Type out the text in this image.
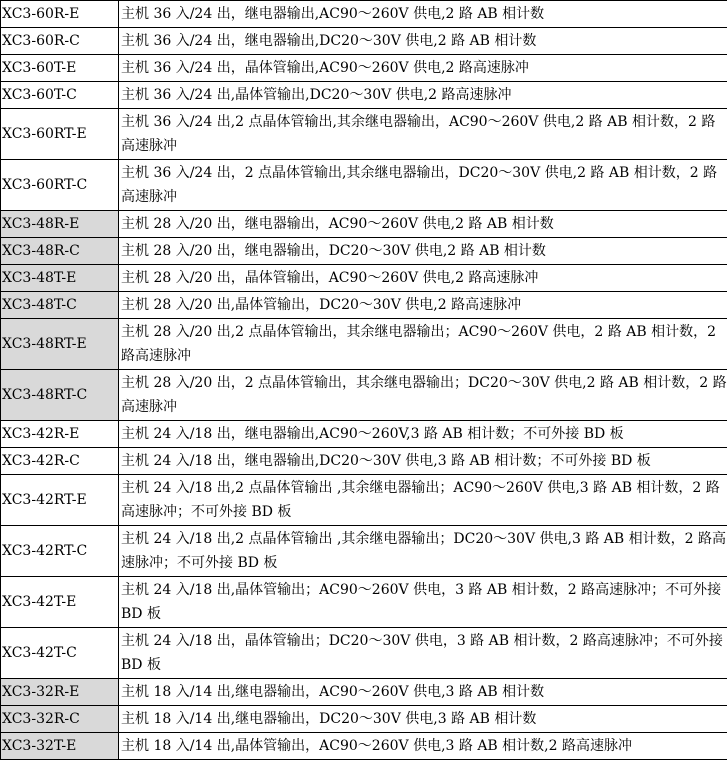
XC3-60R-E	主机 36 入/24 出，继电器输出,AC90～260V 供电,2 路 AB 相计数
XC3-60R-C	主机 36 入/24 出，继电器输出,DC20～30V 供电,2 路 AB 相计数
XC3-60T-E	主机 36 入/24 出，晶体管输出,AC90～260V 供电,2 路高速脉冲
XC3-60T-C	主机 36 入/24 出,晶体管输出,DC20～30V 供电,2 路高速脉冲
XC3-60RT-E	主机 36 入/24 出,2 点晶体管输出,其余继电器输出，AC90～260V 供电,2 路 AB 相计数，2 路高速脉冲
XC3-60RT-C	主机 36 入/24 出，2 点晶体管输出,其余继电器输出，DC20～30V 供电,2 路 AB 相计数，2 路高速脉冲
XC3-48R-E	主机 28 入/20 出，继电器输出，AC90～260V 供电,2 路 AB 相计数
XC3-48R-C	主机 28 入/20 出，继电器输出，DC20～30V 供电,2 路 AB 相计数
XC3-48T-E	主机 28 入/20 出，晶体管输出，AC90～260V 供电,2 路高速脉冲
XC3-48T-C	主机 28 入/20 出,晶体管输出，DC20～30V 供电,2 路高速脉冲
XC3-48RT-E	主机 28 入/20 出,2 点晶体管输出，其余继电器输出；AC90～260V 供电，2 路 AB 相计数，2 路高速脉冲
XC3-48RT-C	主机 28 入/20 出，2 点晶体管输出，其余继电器输出；DC20～30V 供电,2 路 AB 相计数，2 路高速脉冲
XC3-42R-E	主机 24 入/18 出，继电器输出,AC90～260V,3 路 AB 相计数；不可外接 BD 板
XC3-42R-C	主机 24 入/18 出，继电器输出,DC20～30V 供电,3 路 AB 相计数；不可外接 BD 板
XC3-42RT-E	主机 24 入/18 出,2 点晶体管输出 ,其余继电器输出；AC90～260V 供电,3 路 AB 相计数，2 路高速脉冲；不可外接 BD 板
XC3-42RT-C	主机 24 入/18 出,2 点晶体管输出 ,其余继电器输出；DC20～30V 供电,3 路 AB 相计数，2 路高速脉冲；不可外接 BD 板
XC3-42T-E	主机 24 入/18 出,晶体管输出；AC90～260V 供电，3 路 AB 相计数，2 路高速脉冲；不可外接 BD 板
XC3-42T-C	主机 24 入/18 出，晶体管输出；DC20～30V 供电，3 路 AB 相计数，2 路高速脉冲；不可外接 BD 板
XC3-32R-E	主机 18 入/14 出,继电器输出，AC90～260V 供电,3 路 AB 相计数
XC3-32R-C	主机 18 入/14 出,继电器输出，DC20～30V 供电,3 路 AB 相计数
XC3-32T-E	主机 18 入/14 出,晶体管输出，AC90～260V 供电,3 路 AB 相计数,2 路高速脉冲
